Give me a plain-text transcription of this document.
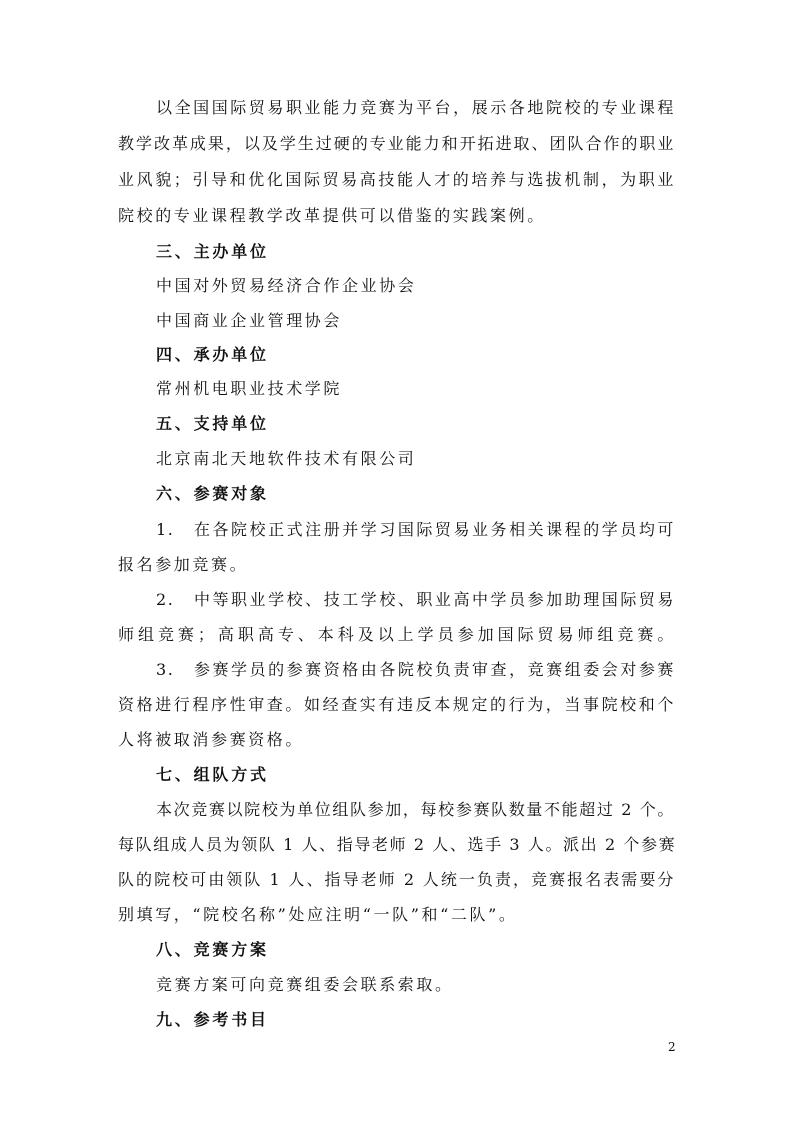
以全国国际贸易职业能力竞赛为平台，展示各地院校的专业课程
教学改革成果，以及学生过硬的专业能力和开拓进取、团队合作的职业
业风貌；引导和优化国际贸易高技能人才的培养与选拔机制，为职业
院校的专业课程教学改革提供可以借鉴的实践案例。
三、主办单位
中国对外贸易经济合作企业协会
中国商业企业管理协会
四、承办单位
常州机电职业技术学院
五、支持单位
北京南北天地软件技术有限公司
六、参赛对象
1.　在各院校正式注册并学习国际贸易业务相关课程的学员均可
报名参加竞赛。
2.　中等职业学校、技工学校、职业高中学员参加助理国际贸易
师组竞赛；高职高专、本科及以上学员参加国际贸易师组竞赛。
3.　参赛学员的参赛资格由各院校负责审查，竞赛组委会对参赛
资格进行程序性审查。如经查实有违反本规定的行为，当事院校和个
人将被取消参赛资格。
七、组队方式
本次竞赛以院校为单位组队参加，每校参赛队数量不能超过 2 个。
每队组成人员为领队 1 人、指导老师 2 人、选手 3 人。派出 2 个参赛
队的院校可由领队 1 人、指导老师 2 人统一负责，竞赛报名表需要分
别填写，“院校名称”处应注明“一队”和“二队”。
八、竞赛方案
竞赛方案可向竞赛组委会联系索取。
九、参考书目
2
